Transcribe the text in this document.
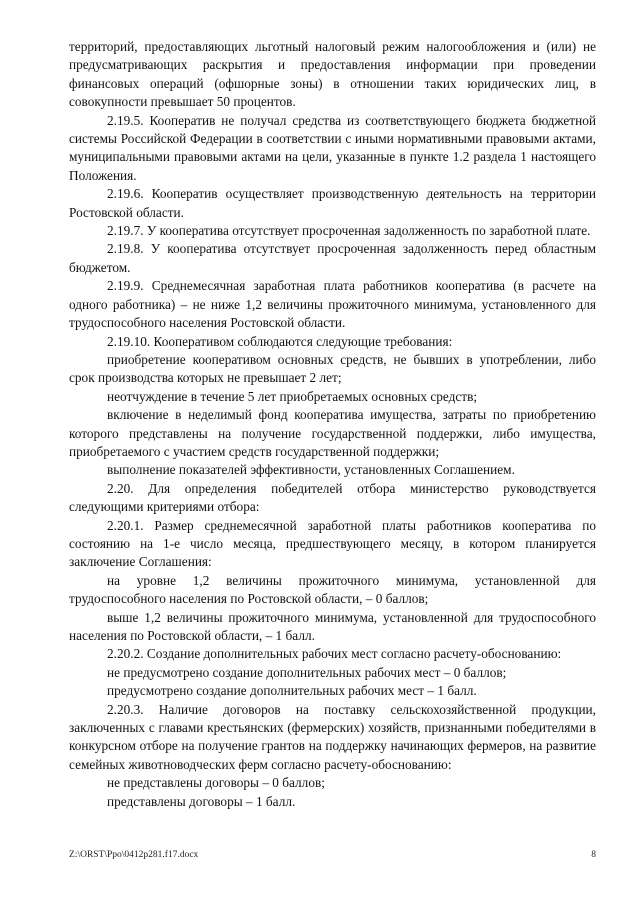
территорий, предоставляющих льготный налоговый режим налогообложения и (или) не предусматривающих раскрытия и предоставления информации при проведении финансовых операций (офшорные зоны) в отношении таких юридических лиц, в совокупности превышает 50 процентов.

2.19.5. Кооператив не получал средства из соответствующего бюджета бюджетной системы Российской Федерации в соответствии с иными нормативными правовыми актами, муниципальными правовыми актами на цели, указанные в пункте 1.2 раздела 1 настоящего Положения.

2.19.6. Кооператив осуществляет производственную деятельность на территории Ростовской области.

2.19.7. У кооператива отсутствует просроченная задолженность по заработной плате.

2.19.8. У кооператива отсутствует просроченная задолженность перед областным бюджетом.

2.19.9. Среднемесячная заработная плата работников кооператива (в расчете на одного работника) – не ниже 1,2 величины прожиточного минимума, установленного для трудоспособного населения Ростовской области.

2.19.10. Кооперативом соблюдаются следующие требования:

приобретение кооперативом основных средств, не бывших в употреблении, либо срок производства которых не превышает 2 лет;

неотчуждение в течение 5 лет приобретаемых основных средств;

включение в неделимый фонд кооператива имущества, затраты по приобретению которого представлены на получение государственной поддержки, либо имущества, приобретаемого с участием средств государственной поддержки;

выполнение показателей эффективности, установленных Соглашением.

2.20. Для определения победителей отбора министерство руководствуется следующими критериями отбора:

2.20.1. Размер среднемесячной заработной платы работников кооператива по состоянию на 1-е число месяца, предшествующего месяцу, в котором планируется заключение Соглашения:

на уровне 1,2 величины прожиточного минимума, установленной для трудоспособного населения по Ростовской области, – 0 баллов;

выше 1,2 величины прожиточного минимума, установленной для трудоспособного населения по Ростовской области, – 1 балл.

2.20.2. Создание дополнительных рабочих мест согласно расчету-обоснованию:

не предусмотрено создание дополнительных рабочих мест – 0 баллов;

предусмотрено создание дополнительных рабочих мест – 1 балл.

2.20.3. Наличие договоров на поставку сельскохозяйственной продукции, заключенных с главами крестьянских (фермерских) хозяйств, признанными победителями в конкурсном отборе на получение грантов на поддержку начинающих фермеров, на развитие семейных животноводческих ферм согласно расчету-обоснованию:

не представлены договоры – 0 баллов;

представлены договоры – 1 балл.

Z:\ORST\Ppo\0412p281.f17.docx	8
